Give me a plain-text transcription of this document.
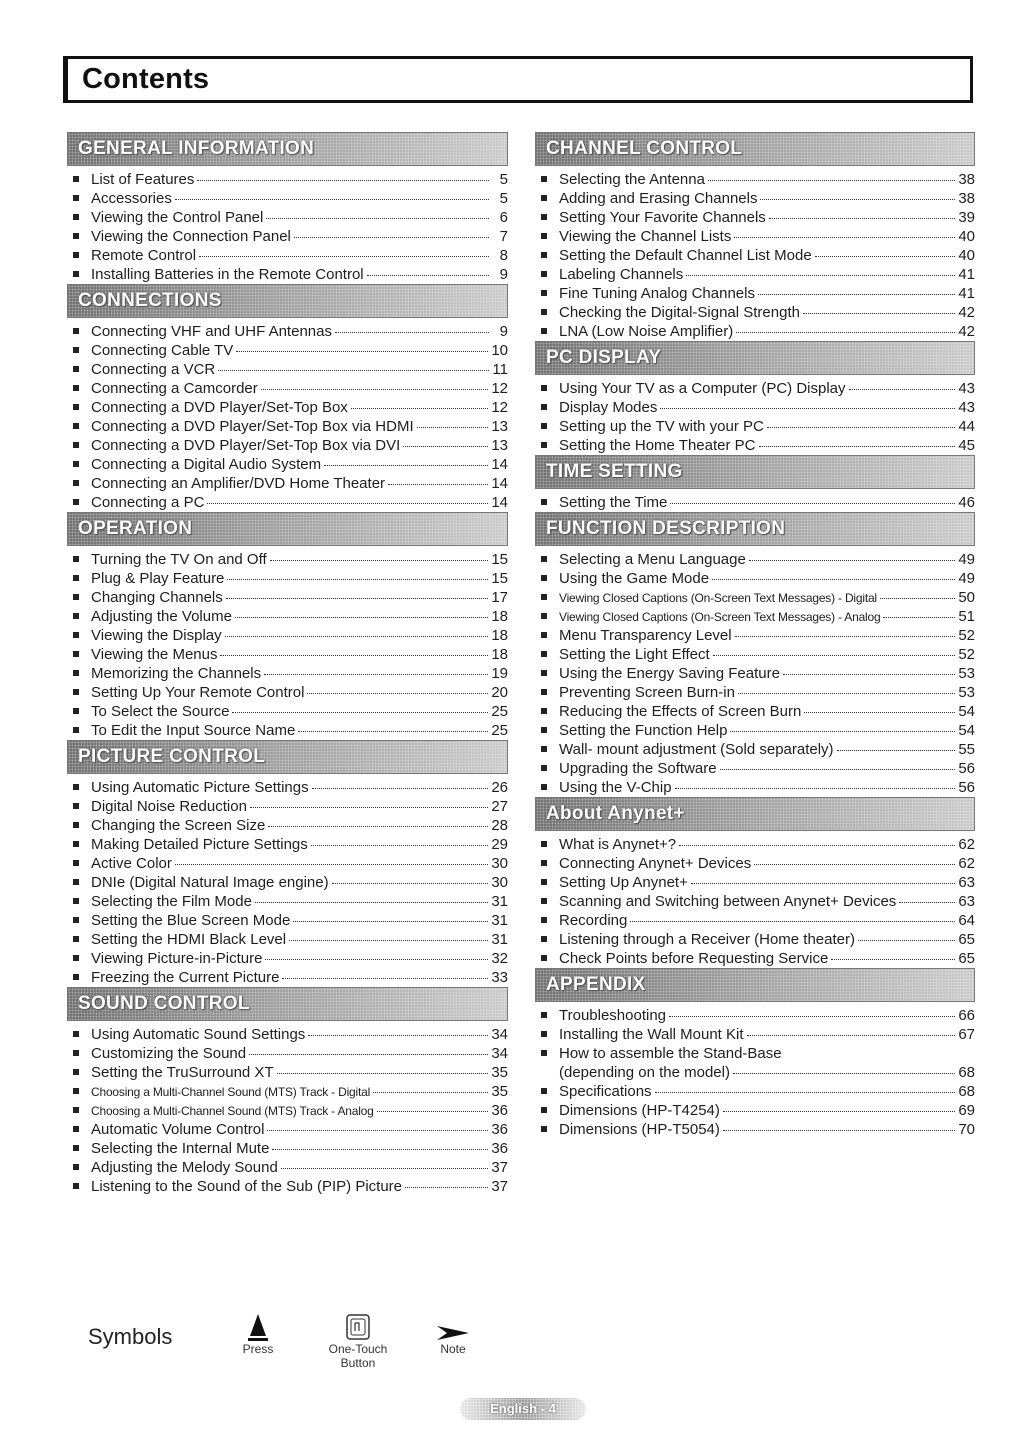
Contents
GENERAL INFORMATION
List of Features	5
Accessories	5
Viewing the Control Panel	6
Viewing the Connection Panel	7
Remote Control	8
Installing Batteries in the Remote Control	9
CONNECTIONS
Connecting VHF and UHF Antennas	9
Connecting Cable TV	10
Connecting a VCR	11
Connecting a Camcorder	12
Connecting a DVD Player/Set-Top Box	12
Connecting a DVD Player/Set-Top Box via HDMI	13
Connecting a DVD Player/Set-Top Box via DVI	13
Connecting a Digital Audio System	14
Connecting an Amplifier/DVD Home Theater	14
Connecting a PC	14
OPERATION
Turning the TV On and Off	15
Plug & Play Feature	15
Changing Channels	17
Adjusting the Volume	18
Viewing the Display	18
Viewing the Menus	18
Memorizing the Channels	19
Setting Up Your Remote Control	20
To Select the Source	25
To Edit the Input Source Name	25
PICTURE CONTROL
Using Automatic Picture Settings	26
Digital Noise Reduction	27
Changing the Screen Size	28
Making Detailed Picture Settings	29
Active Color	30
DNIe (Digital Natural Image engine)	30
Selecting the Film Mode	31
Setting the Blue Screen Mode	31
Setting the HDMI Black Level	31
Viewing Picture-in-Picture	32
Freezing the Current Picture	33
SOUND CONTROL
Using Automatic Sound Settings	34
Customizing the Sound	34
Setting the TruSurround XT	35
Choosing a Multi-Channel Sound (MTS) Track - Digital	35
Choosing a Multi-Channel Sound (MTS) Track - Analog	36
Automatic Volume Control	36
Selecting the Internal Mute	36
Adjusting the Melody Sound	37
Listening to the Sound of the Sub (PIP) Picture	37
CHANNEL CONTROL
Selecting the Antenna	38
Adding and Erasing Channels	38
Setting Your Favorite Channels	39
Viewing the Channel Lists	40
Setting the Default Channel List Mode	40
Labeling Channels	41
Fine Tuning Analog Channels	41
Checking the Digital-Signal Strength	42
LNA (Low Noise Amplifier)	42
PC DISPLAY
Using Your TV as a Computer (PC) Display	43
Display Modes	43
Setting up the TV with your PC	44
Setting the Home Theater PC	45
TIME SETTING
Setting the Time	46
FUNCTION DESCRIPTION
Selecting a Menu Language	49
Using the Game Mode	49
Viewing Closed Captions (On-Screen Text Messages) - Digital	50
Viewing Closed Captions (On-Screen Text Messages) - Analog	51
Menu Transparency Level	52
Setting the Light Effect	52
Using the Energy Saving Feature	53
Preventing Screen Burn-in	53
Reducing the Effects of Screen Burn	54
Setting the Function Help	54
Wall- mount adjustment (Sold separately)	55
Upgrading the Software	56
Using the V-Chip	56
About Anynet+
What is Anynet+?	62
Connecting Anynet+ Devices	62
Setting Up Anynet+	63
Scanning and Switching between Anynet+ Devices	63
Recording	64
Listening through a Receiver (Home theater)	65
Check Points before Requesting Service	65
APPENDIX
Troubleshooting	66
Installing the Wall Mount Kit	67
How to assemble the Stand-Base
(depending on the model)	68
Specifications	68
Dimensions (HP-T4254)	69
Dimensions (HP-T5054)	70
Symbols	Press	One-Touch
Button
Note
English - 4
